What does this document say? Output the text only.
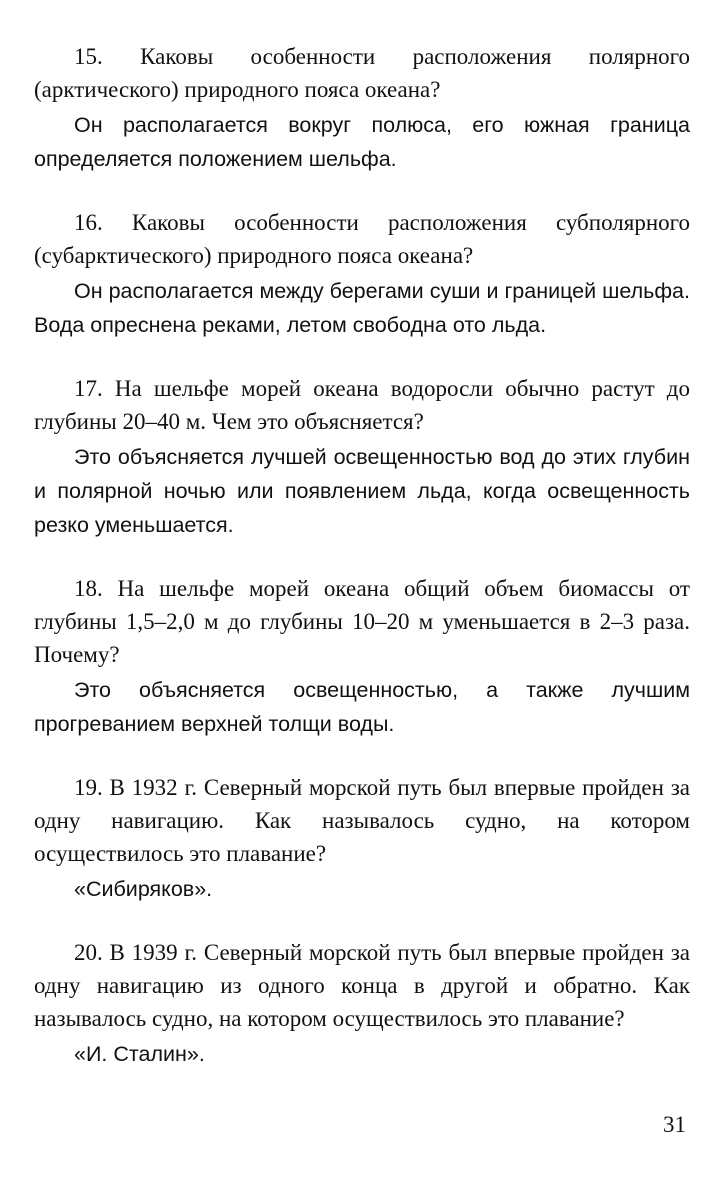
15. Каковы особенности расположения полярного (арктического) природного пояса океана?

Он располагается вокруг полюса, его южная граница определяется положением шельфа.

16. Каковы особенности расположения субполярного (субарктического) природного пояса океана?

Он располагается между берегами суши и границей шельфа. Вода опреснена реками, летом свободна ото льда.

17. На шельфе морей океана водоросли обычно растут до глубины 20–40 м. Чем это объясняется?

Это объясняется лучшей освещенностью вод до этих глубин и полярной ночью или появлением льда, когда освещенность резко уменьшается.

18. На шельфе морей океана общий объем биомассы от глубины 1,5–2,0 м до глубины 10–20 м уменьшается в 2–3 раза. Почему?

Это объясняется освещенностью, а также лучшим прогреванием верхней толщи воды.

19. В 1932 г. Северный морской путь был впервые пройден за одну навигацию. Как называлось судно, на котором осуществилось это плавание?

«Сибиряков».

20. В 1939 г. Северный морской путь был впервые пройден за одну навигацию из одного конца в другой и обратно. Как называлось судно, на котором осуществилось это плавание?

«И. Сталин».

31
